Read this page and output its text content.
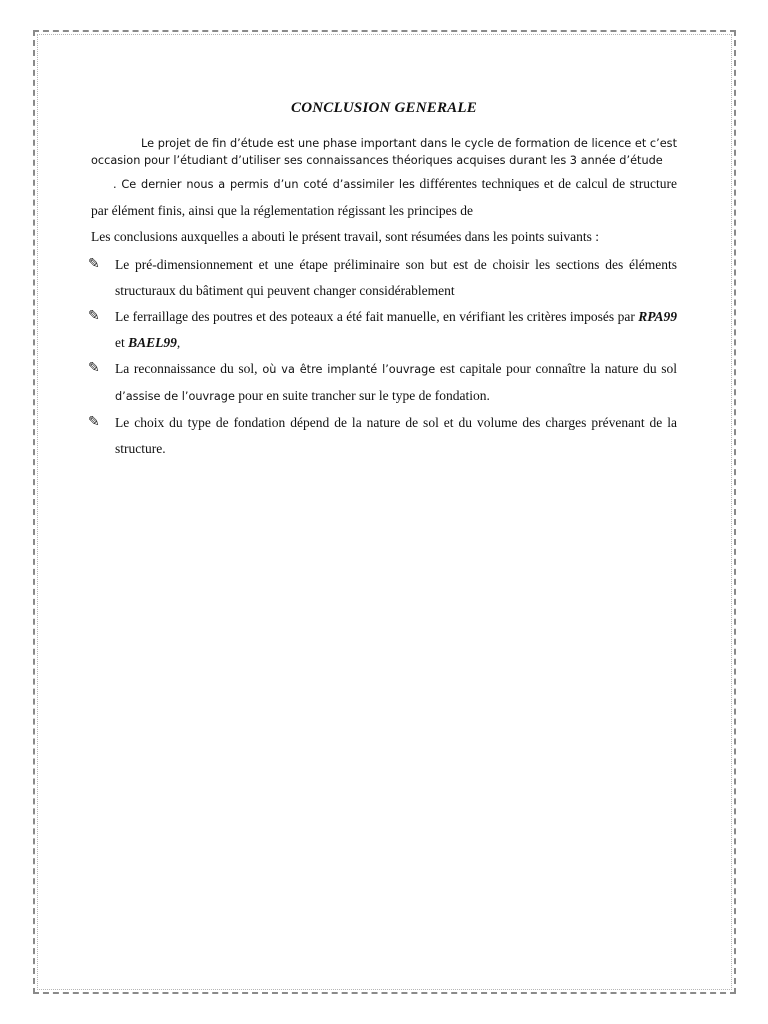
CONCLUSION GENERALE

Le projet de fin d’étude est une phase important dans le cycle de formation de licence et c’est occasion pour l’étudiant d’utiliser ses connaissances théoriques acquises durant les 3 année d’étude

. Ce dernier nous a permis d’un coté d’assimiler les différentes techniques et de calcul de structure par élément finis, ainsi que la réglementation régissant les principes de

Les conclusions auxquelles a abouti le présent travail, sont résumées dans les points suivants :

✎ Le pré-dimensionnement et une étape préliminaire son but est de choisir les sections des éléments structuraux du bâtiment qui peuvent changer considérablement
✎ Le ferraillage des poutres et des poteaux a été fait manuelle, en vérifiant les critères imposés par RPA99 et BAEL99,
✎ La reconnaissance du sol, où va être implanté l’ouvrage est capitale pour connaître la nature du sol d’assise de l’ouvrage pour en suite trancher sur le type de fondation.
✎ Le choix du type de fondation dépend de la nature de sol et du volume des charges prévenant de la structure.
